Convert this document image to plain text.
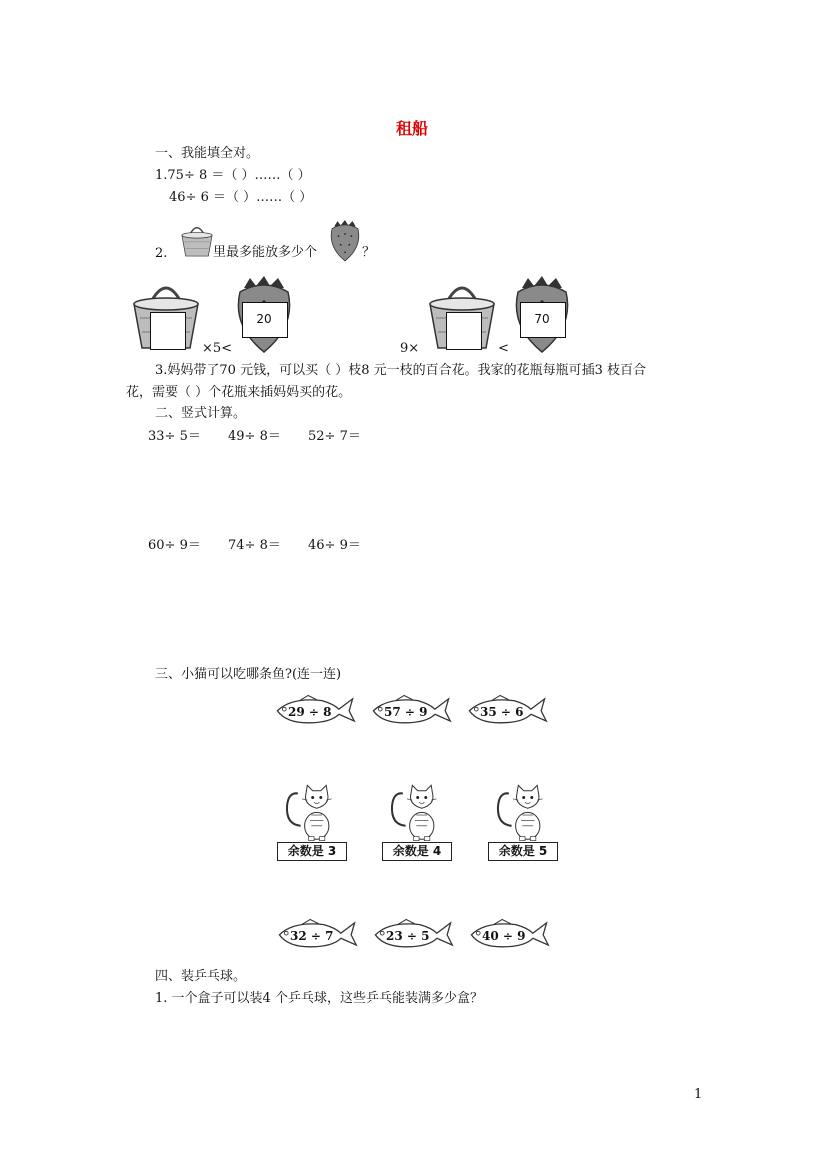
租船
一、我能填全对。
1.75÷ 8 ＝（ ）……（ ）
46÷ 6 ＝（ ）……（ ）
2.	里最多能放多少个	？
×5<
20
9×	<
70
3.妈妈带了70 元钱，可以买（ ）枝8 元一枝的百合花。我家的花瓶每瓶可插3 枝百合
花，需要（ ）个花瓶来插妈妈买的花。
二、竖式计算。
33÷ 5＝ 49÷ 8＝ 52÷ 7＝
60÷ 9＝ 74÷ 8＝ 46÷ 9＝
三、小猫可以吃哪条鱼?(连一连)
29 ÷ 8	57 ÷ 9	35 ÷ 6
余数是 3	余数是 4	余数是 5
32 ÷ 7	23 ÷ 5	40 ÷ 9
四、装乒乓球。
1. 一个盒子可以装4 个乒乓球，这些乒乓能装满多少盒？
1
